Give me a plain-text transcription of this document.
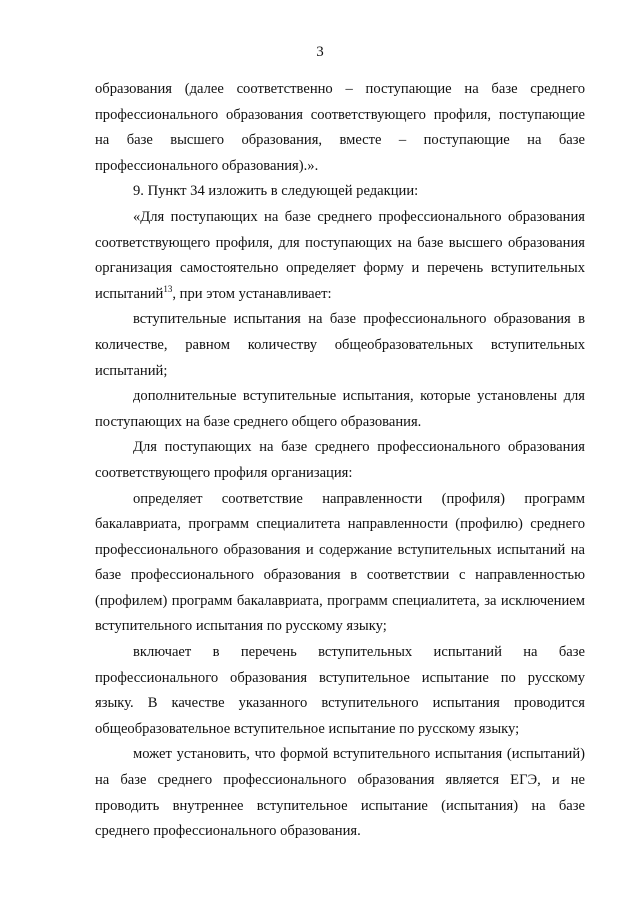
3

образования (далее соответственно – поступающие на базе среднего профессионального образования соответствующего профиля, поступающие на базе высшего образования, вместе – поступающие на базе профессионального образования).».

9. Пункт 34 изложить в следующей редакции:

«Для поступающих на базе среднего профессионального образования соответствующего профиля, для поступающих на базе высшего образования организация самостоятельно определяет форму и перечень вступительных испытаний$^{13}$, при этом устанавливает:

вступительные испытания на базе профессионального образования в количестве, равном количеству общеобразовательных вступительных испытаний;

дополнительные вступительные испытания, которые установлены для поступающих на базе среднего общего образования.

Для поступающих на базе среднего профессионального образования соответствующего профиля организация:

определяет соответствие направленности (профиля) программ бакалавриата, программ специалитета направленности (профилю) среднего профессионального образования и содержание вступительных испытаний на базе профессионального образования в соответствии с направленностью (профилем) программ бакалавриата, программ специалитета, за исключением вступительного испытания по русскому языку;

включает в перечень вступительных испытаний на базе профессионального образования вступительное испытание по русскому языку. В качестве указанного вступительного испытания проводится общеобразовательное вступительное испытание по русскому языку;

может установить, что формой вступительного испытания (испытаний) на базе среднего профессионального образования является ЕГЭ, и не проводить внутреннее вступительное испытание (испытания) на базе среднего профессионального образования.
